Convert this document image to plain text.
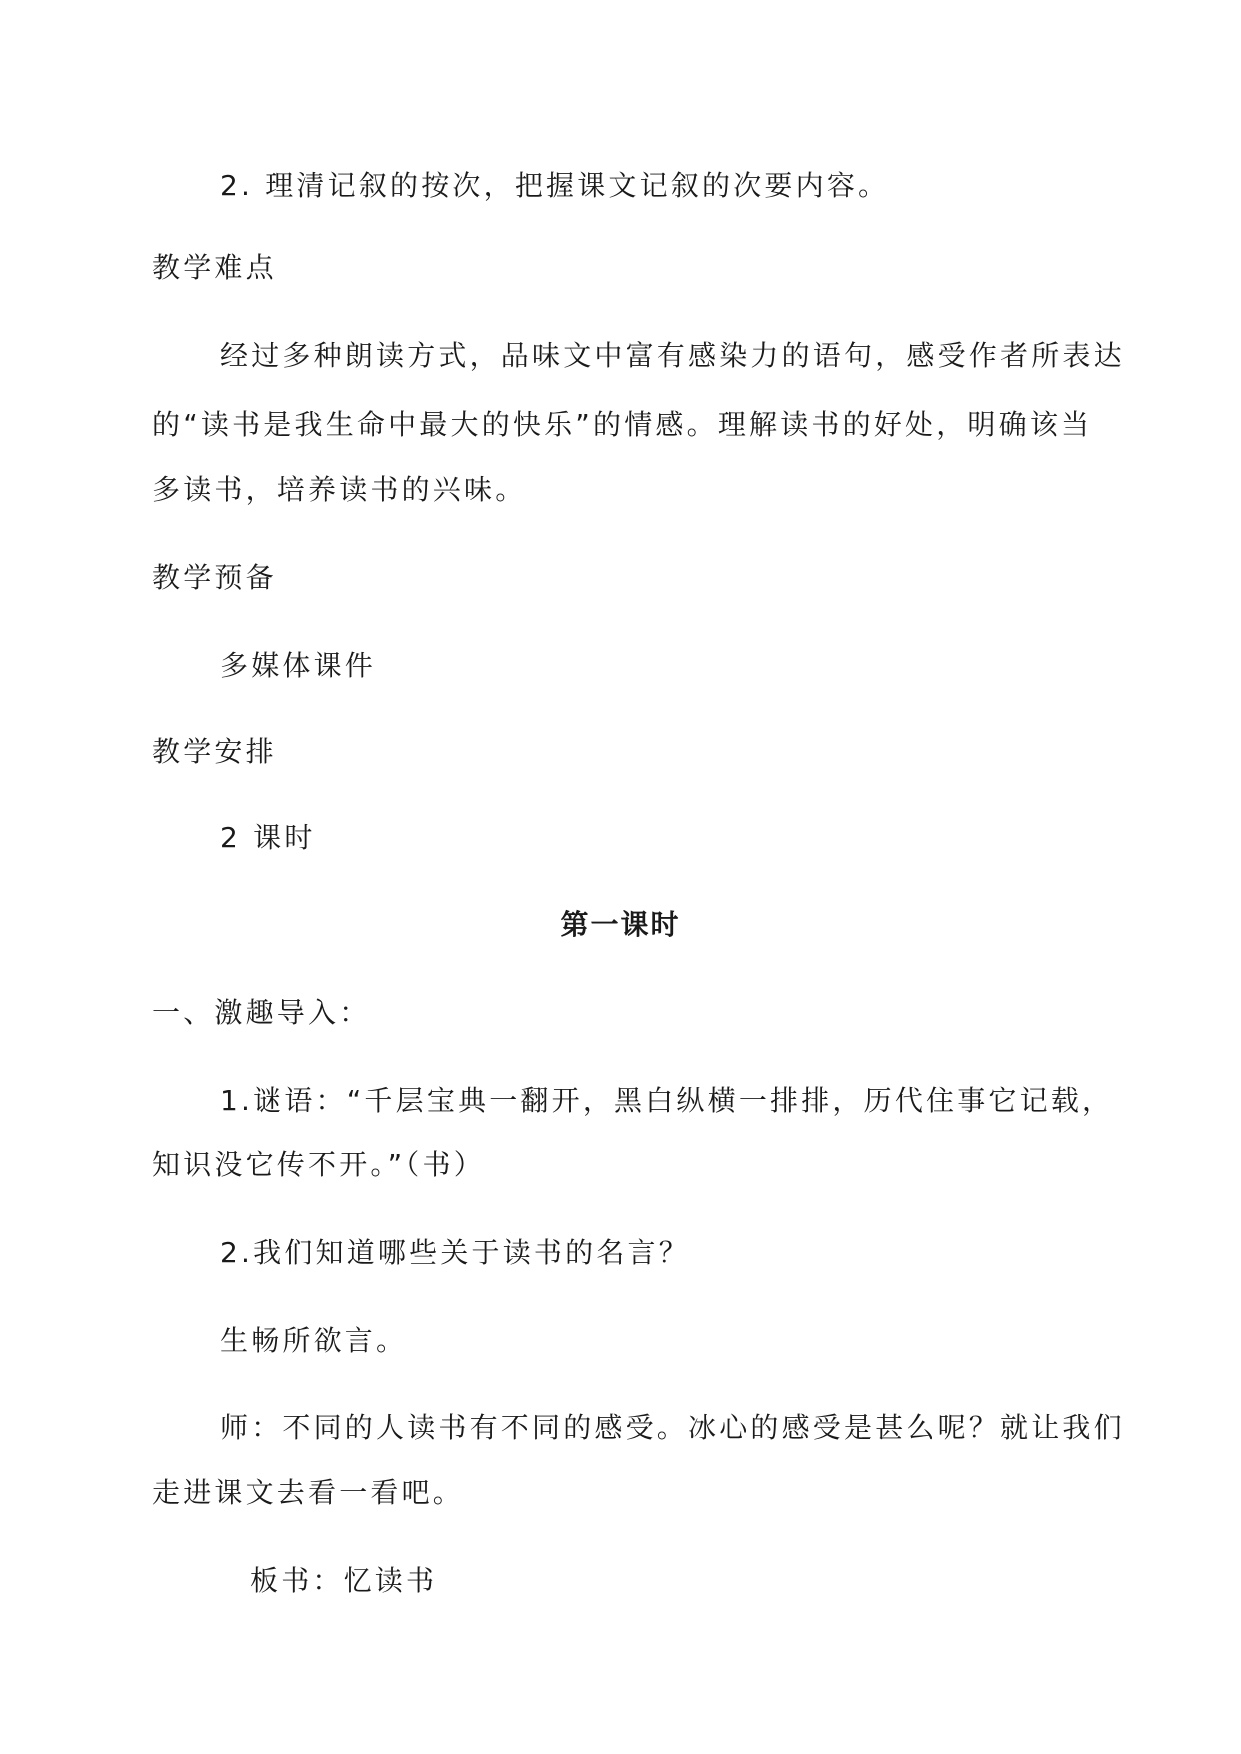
2. 理清记叙的按次，把握课文记叙的次要内容。
教学难点
经过多种朗读方式，品味文中富有感染力的语句，感受作者所表达
的“读书是我生命中最大的快乐”的情感。理解读书的好处，明确该当
多读书，培养读书的兴味。
教学预备
多媒体课件
教学安排
2 课时
第一课时
一、激趣导入：
1.谜语：“千层宝典一翻开，黑白纵横一排排，历代住事它记载，
知识没它传不开。”（书）
2.我们知道哪些关于读书的名言？
生畅所欲言。
师：不同的人读书有不同的感受。冰心的感受是甚么呢？就让我们
走进课文去看一看吧。
板书：忆读书
